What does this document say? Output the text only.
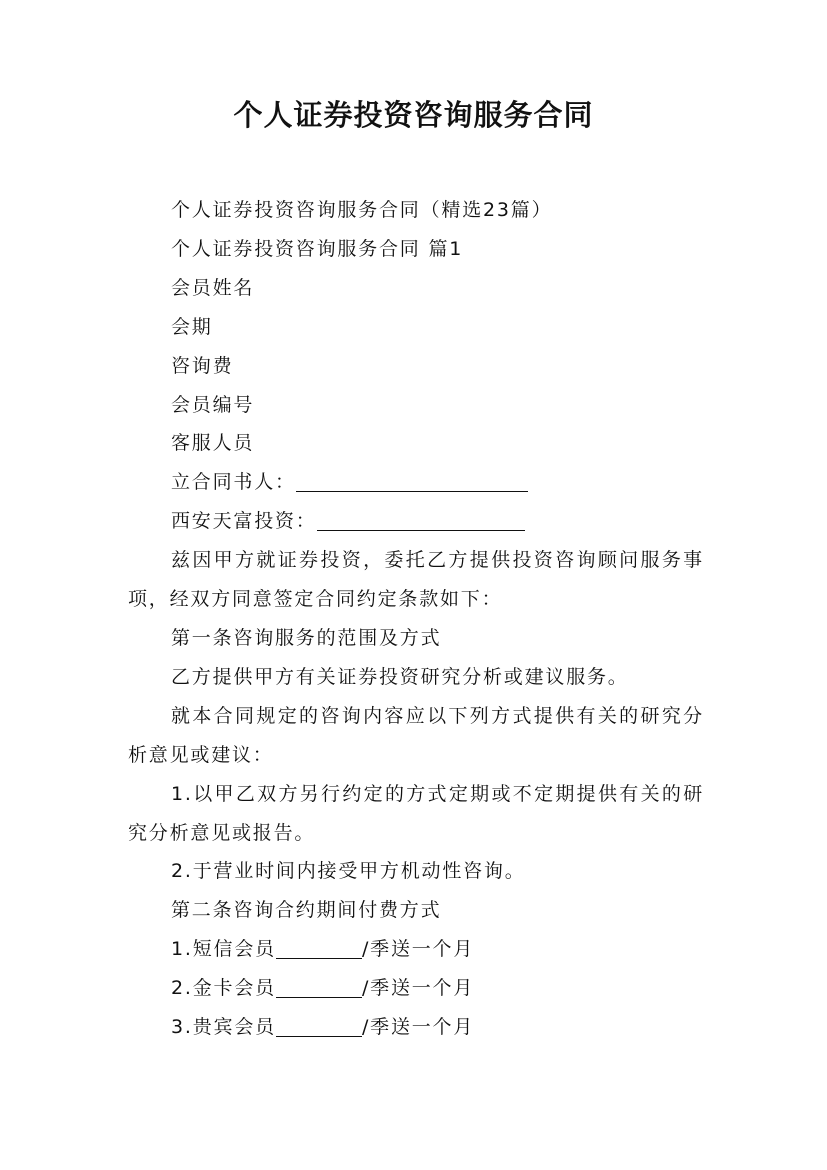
个人证券投资咨询服务合同

个人证券投资咨询服务合同（精选23篇）

个人证券投资咨询服务合同 篇1

会员姓名

会期

咨询费

会员编号

客服人员

立合同书人：

西安天富投资：

兹因甲方就证券投资，委托乙方提供投资咨询顾问服务事项，经双方同意签定合同约定条款如下：

第一条咨询服务的范围及方式

乙方提供甲方有关证券投资研究分析或建议服务。

就本合同规定的咨询内容应以下列方式提供有关的研究分析意见或建议：

1.以甲乙双方另行约定的方式定期或不定期提供有关的研究分析意见或报告。

2.于营业时间内接受甲方机动性咨询。

第二条咨询合约期间付费方式

1.短信会员	/季送一个月

2.金卡会员	/季送一个月

3.贵宾会员	/季送一个月
